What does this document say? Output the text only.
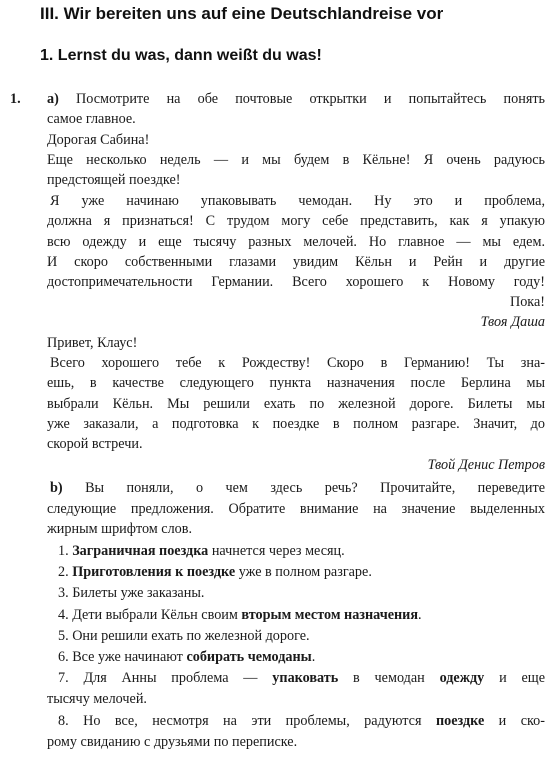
III. Wir bereiten uns auf eine Deutschlandreise vor
1. Lernst du was, dann weißt du was!
1. а) Посмотрите на обе почтовые открытки и попытайтесь понять
самое главное.
Дорогая Сабина!
Еще несколько недель — и мы будем в Кёльне! Я очень радуюсь
предстоящей поездке!
Я уже начинаю упаковывать чемодан. Ну это и проблема,
должна я признаться! С трудом могу себе представить, как я упакую
всю одежду и еще тысячу разных мелочей. Но главное — мы едем.
И скоро собственными глазами увидим Кёльн и Рейн и другие
достопримечательности Германии. Всего хорошего к Новому году!
Пока!
Твоя Даша
Привет, Клаус!
Всего хорошего тебе к Рождеству! Скоро в Германию! Ты зна-
ешь, в качестве следующего пункта назначения после Берлина мы
выбрали Кёльн. Мы решили ехать по железной дороге. Билеты мы
уже заказали, а подготовка к поездке в полном разгаре. Значит, до
скорой встречи.
Твой Денис Петров
b) Вы поняли, о чем здесь речь? Прочитайте, переведите
следующие предложения. Обратите внимание на значение выделенных
жирным шрифтом слов.
1. Заграничная поездка начнется через месяц.
2. Приготовления к поездке уже в полном разгаре.
3. Билеты уже заказаны.
4. Дети выбрали Кёльн своим вторым местом назначения.
5. Они решили ехать по железной дороге.
6. Все уже начинают собирать чемоданы.
7. Для Анны проблема — упаковать в чемодан одежду и еще
тысячу мелочей.
8. Но все, несмотря на эти проблемы, радуются поездке и ско-
рому свиданию с друзьями по переписке.
